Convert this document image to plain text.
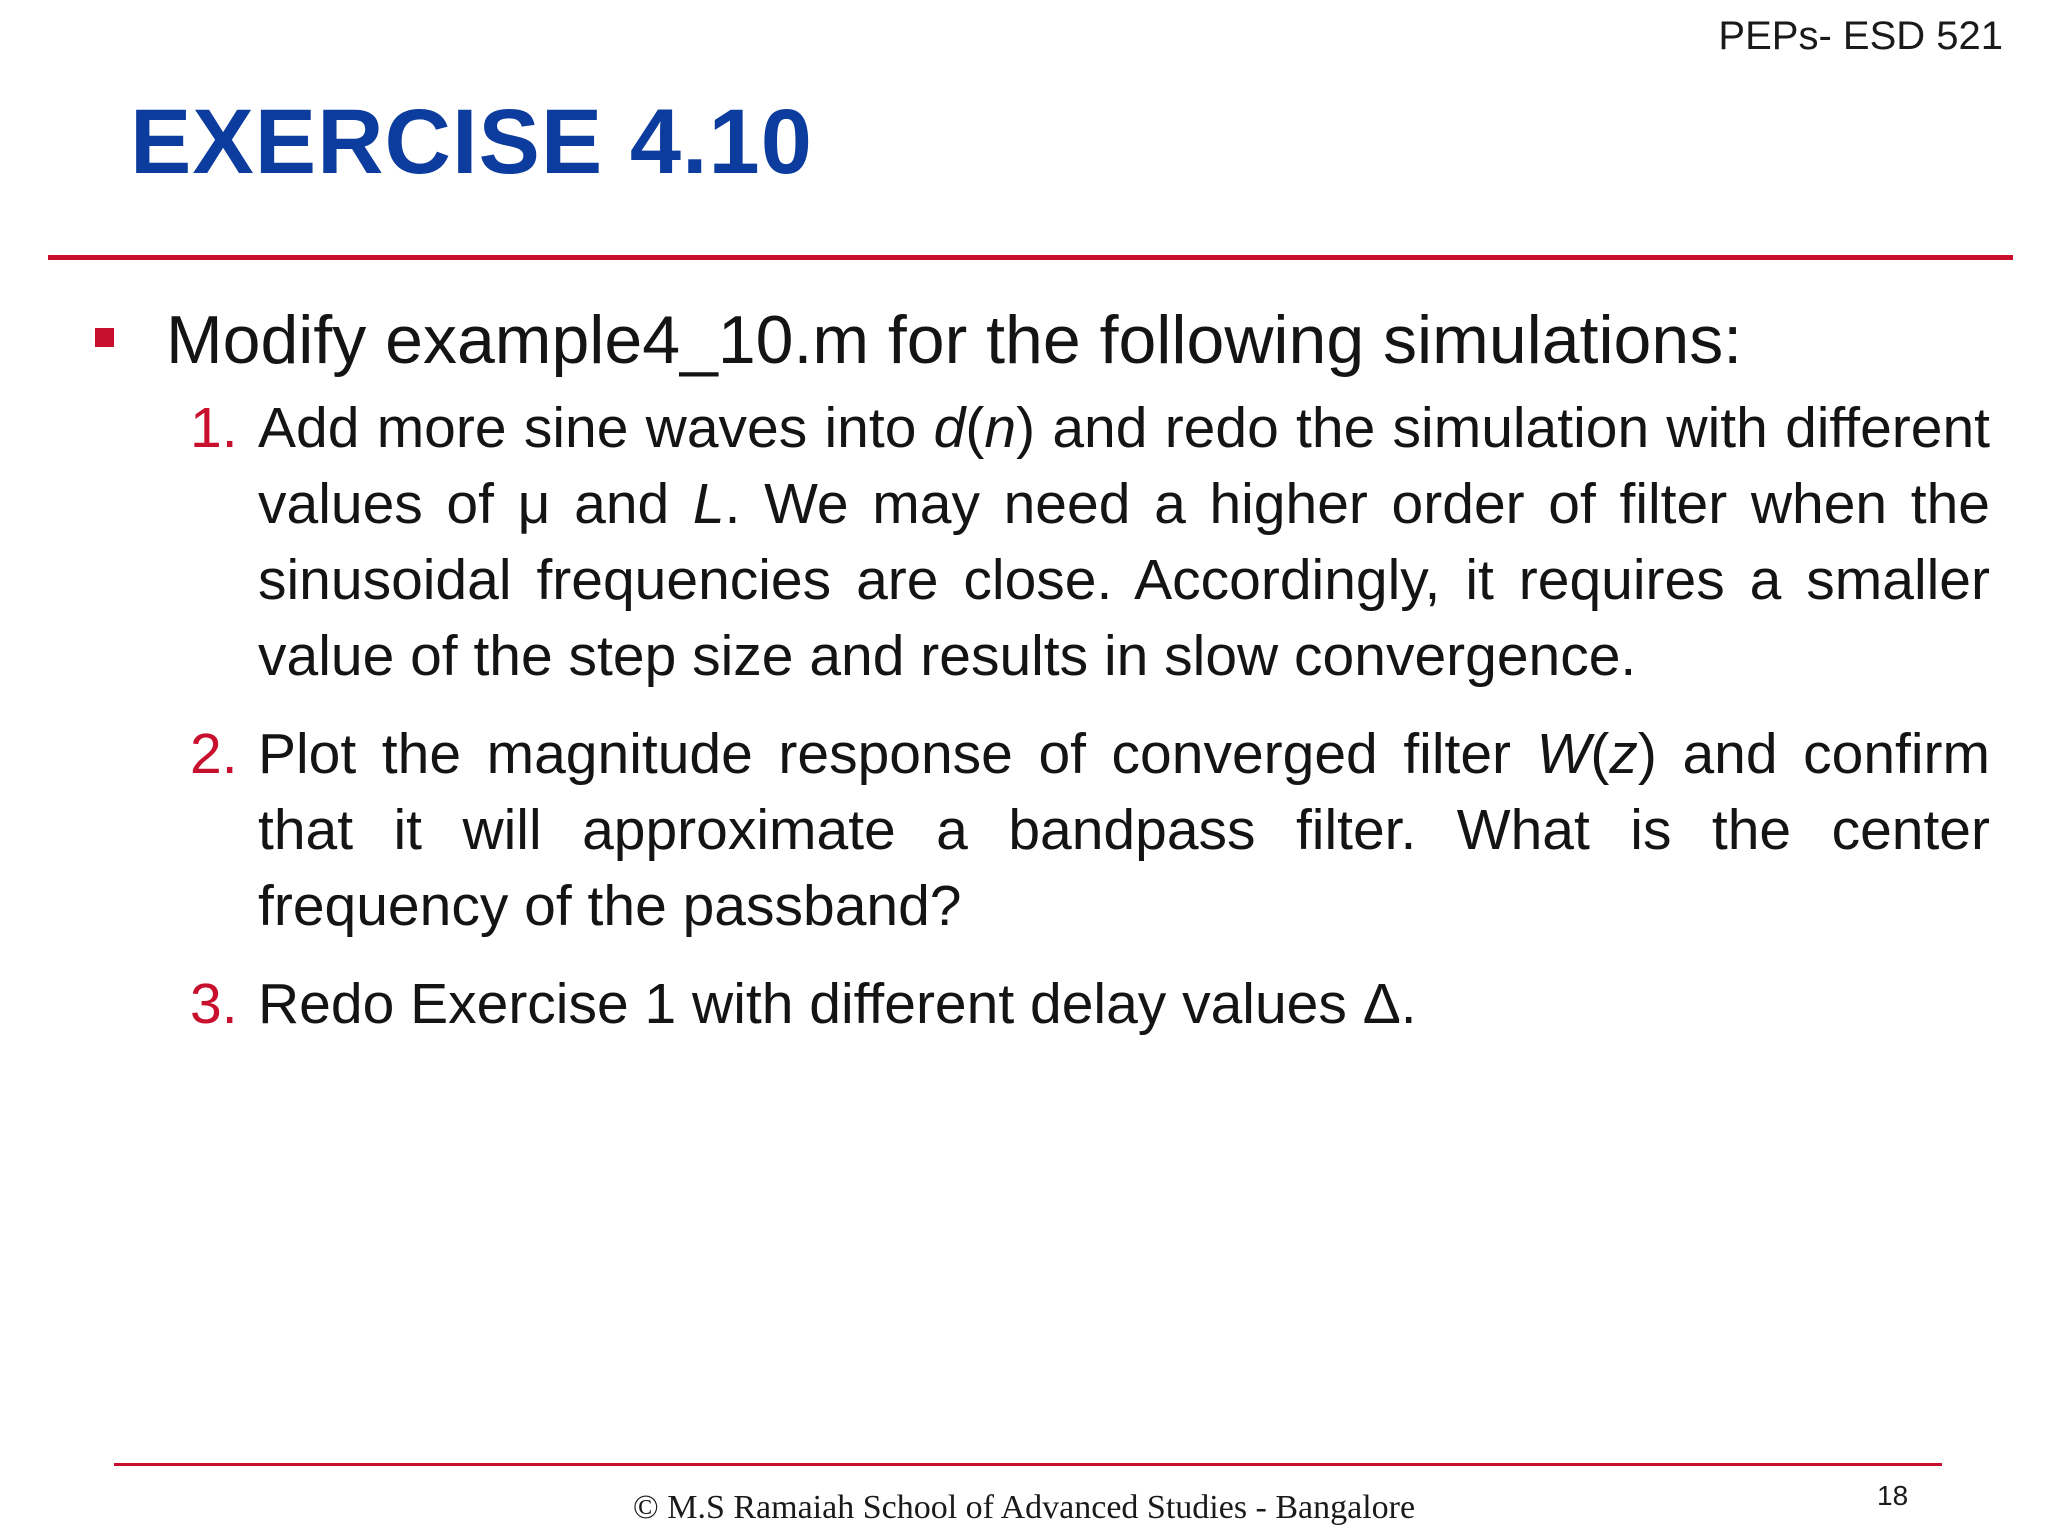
PEPs- ESD 521
EXERCISE 4.10
Modify example4_10.m for the following simulations:
1. Add more sine waves into d(n) and redo the simulation with different values of μ and L. We may need a higher order of filter when the sinusoidal frequencies are close. Accordingly, it requires a smaller value of the step size and results in slow convergence.
2. Plot the magnitude response of converged filter W(z) and confirm that it will approximate a bandpass filter. What is the center frequency of the passband?
3. Redo Exercise 1 with different delay values Δ.
© M.S Ramaiah School of Advanced Studies - Bangalore	18
